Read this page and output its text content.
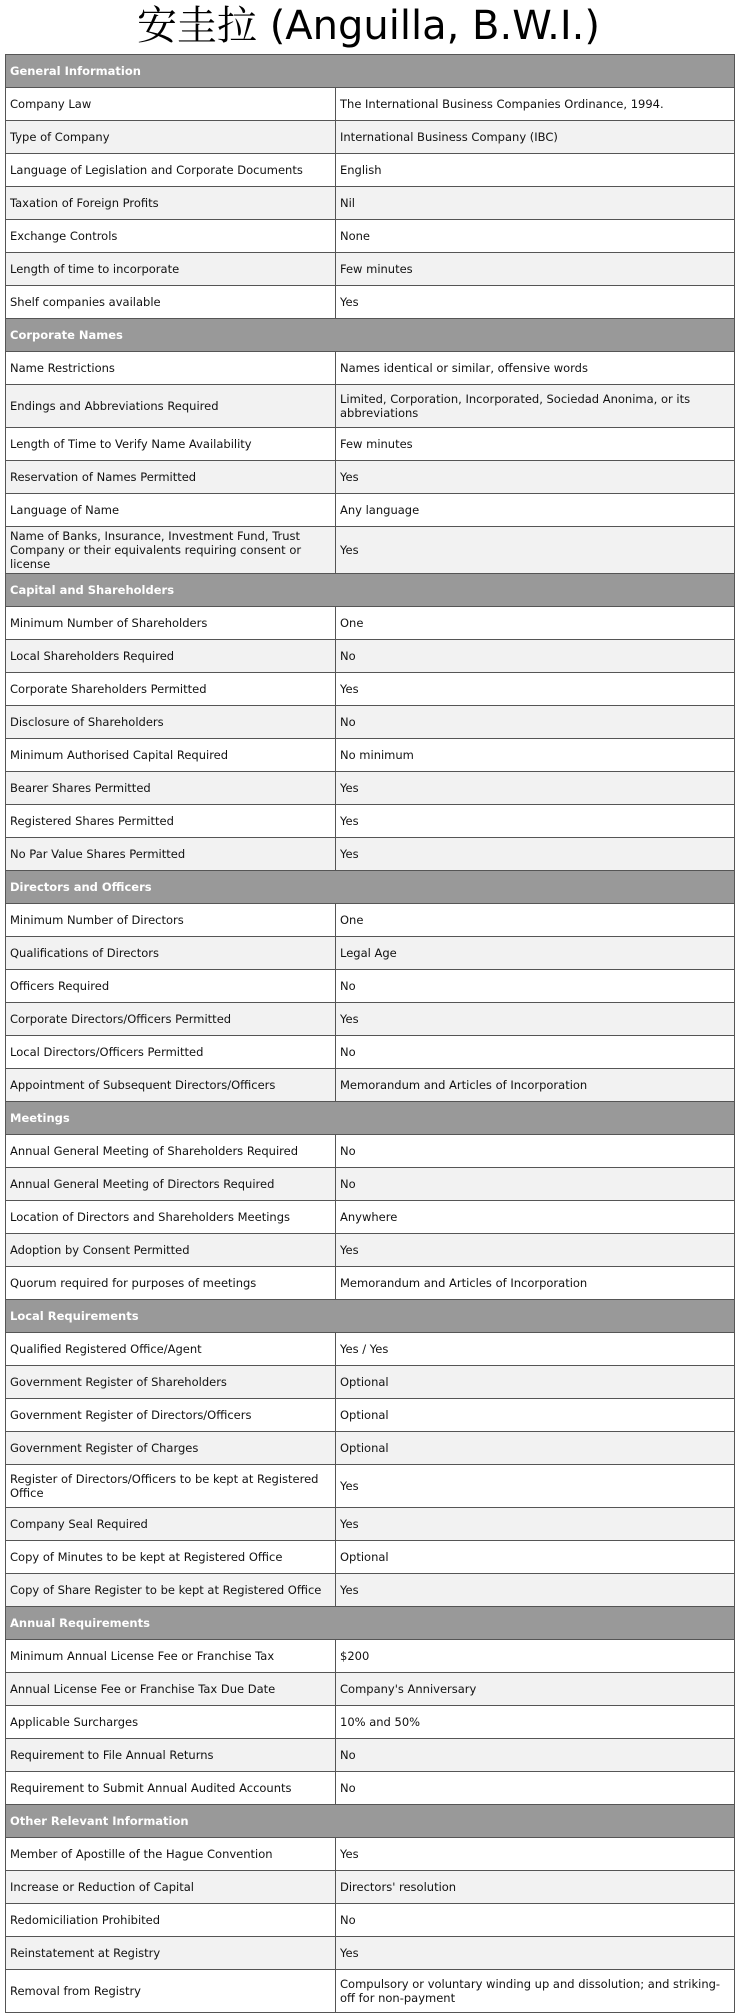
安圭拉 (Anguilla, B.W.I.)
General Information	
Company Law	The International Business Companies Ordinance, 1994.
Type of Company	International Business Company (IBC)
Language of Legislation and Corporate Documents	English
Taxation of Foreign Profits	Nil
Exchange Controls	None
Length of time to incorporate	Few minutes
Shelf companies available	Yes
Corporate Names	
Name Restrictions	Names identical or similar, offensive words
Endings and Abbreviations Required	Limited, Corporation, Incorporated, Sociedad Anonima, or its abbreviations
Length of Time to Verify Name Availability	Few minutes
Reservation of Names Permitted	Yes
Language of Name	Any language
Name of Banks, Insurance, Investment Fund, Trust Company or their equivalents requiring consent or license	Yes
Capital and Shareholders	
Minimum Number of Shareholders	One
Local Shareholders Required	No
Corporate Shareholders Permitted	Yes
Disclosure of Shareholders	No
Minimum Authorised Capital Required	No minimum
Bearer Shares Permitted	Yes
Registered Shares Permitted	Yes
No Par Value Shares Permitted	Yes
Directors and Officers	
Minimum Number of Directors	One
Qualifications of Directors	Legal Age
Officers Required	No
Corporate Directors/Officers Permitted	Yes
Local Directors/Officers Permitted	No
Appointment of Subsequent Directors/Officers	Memorandum and Articles of Incorporation
Meetings	
Annual General Meeting of Shareholders Required	No
Annual General Meeting of Directors Required	No
Location of Directors and Shareholders Meetings	Anywhere
Adoption by Consent Permitted	Yes
Quorum required for purposes of meetings	Memorandum and Articles of Incorporation
Local Requirements	
Qualified Registered Office/Agent	Yes / Yes
Government Register of Shareholders	Optional
Government Register of Directors/Officers	Optional
Government Register of Charges	Optional
Register of Directors/Officers to be kept at Registered Office	Yes
Company Seal Required	Yes
Copy of Minutes to be kept at Registered Office	Optional
Copy of Share Register to be kept at Registered Office	Yes
Annual Requirements	
Minimum Annual License Fee or Franchise Tax	$200
Annual License Fee or Franchise Tax Due Date	Company's Anniversary
Applicable Surcharges	10% and 50%
Requirement to File Annual Returns	No
Requirement to Submit Annual Audited Accounts	No
Other Relevant Information	
Member of Apostille of the Hague Convention	Yes
Increase or Reduction of Capital	Directors' resolution
Redomiciliation Prohibited	No
Reinstatement at Registry	Yes
Removal from Registry	Compulsory or voluntary winding up and dissolution; and striking-off for non-payment
